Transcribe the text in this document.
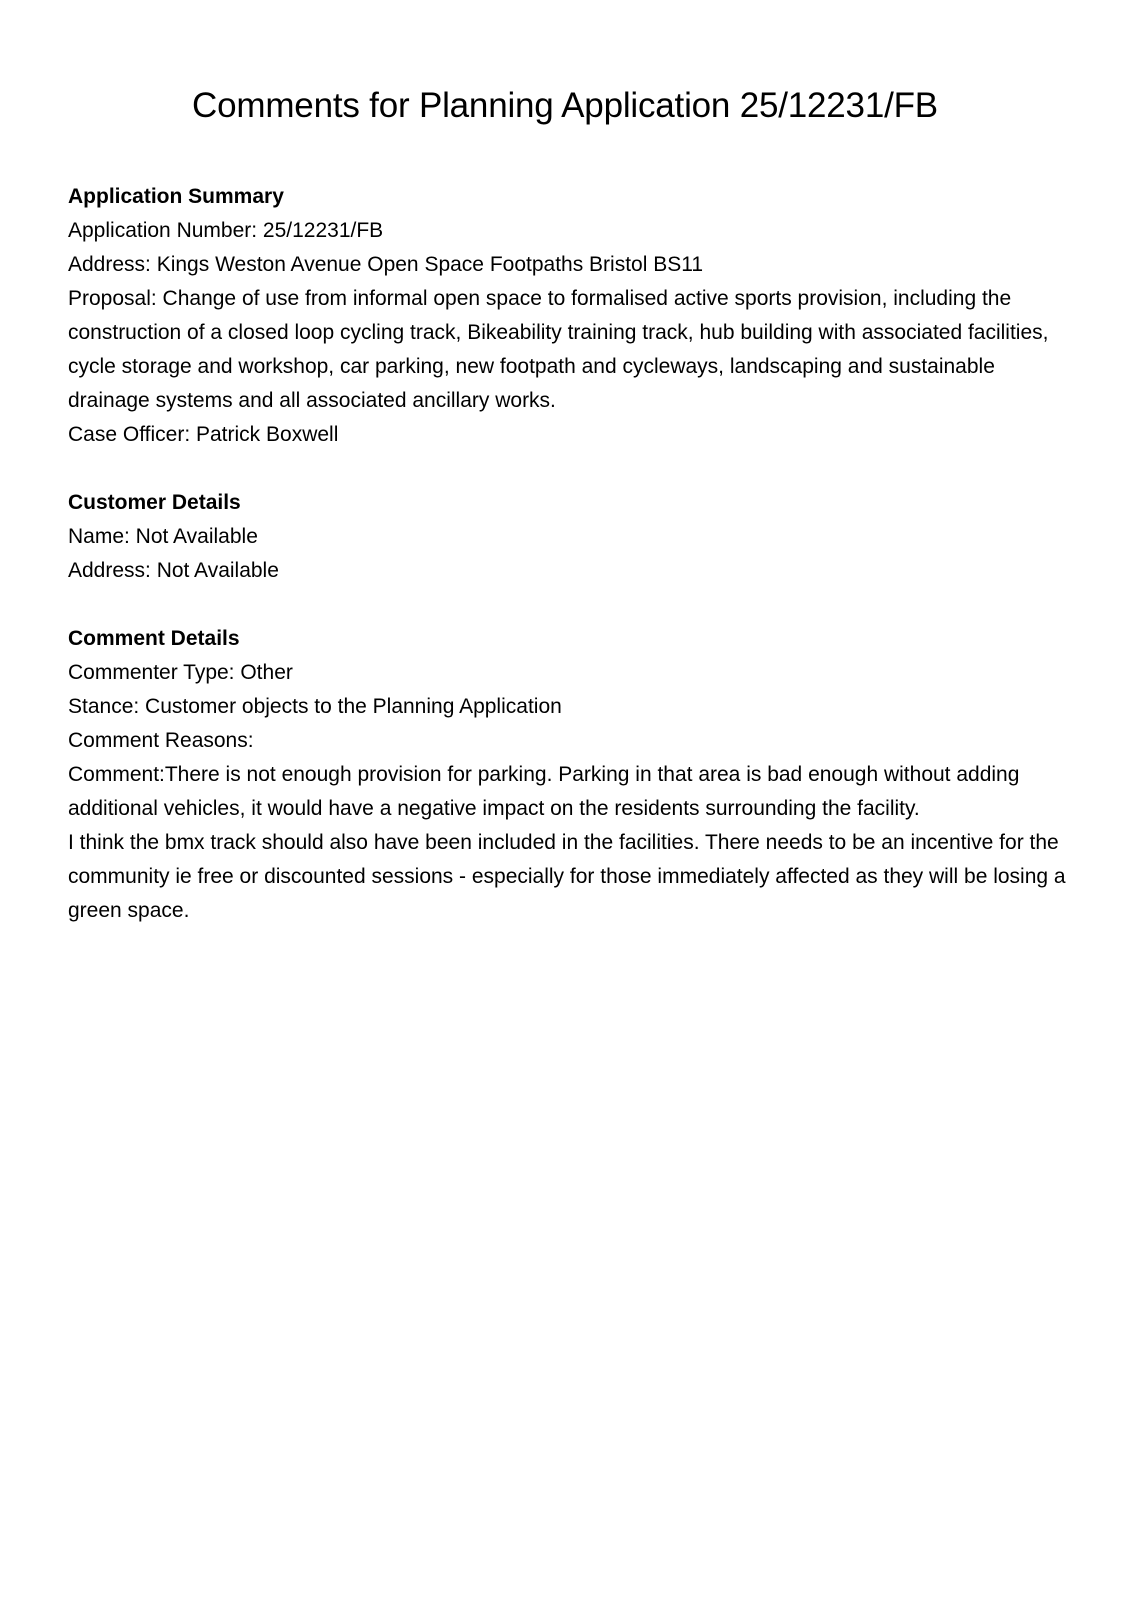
Comments for Planning Application 25/12231/FB

Application Summary

Application Number: 25/12231/FB

Address: Kings Weston Avenue Open Space Footpaths Bristol BS11

Proposal: Change of use from informal open space to formalised active sports provision, including the construction of a closed loop cycling track, Bikeability training track, hub building with associated facilities, cycle storage and workshop, car parking, new footpath and cycleways, landscaping and sustainable drainage systems and all associated ancillary works.

Case Officer: Patrick Boxwell

Customer Details

Name: Not Available

Address: Not Available

Comment Details

Commenter Type: Other

Stance: Customer objects to the Planning Application

Comment Reasons:

Comment:There is not enough provision for parking. Parking in that area is bad enough without adding additional vehicles, it would have a negative impact on the residents surrounding the facility.

I think the bmx track should also have been included in the facilities. There needs to be an incentive for the community ie free or discounted sessions - especially for those immediately affected as they will be losing a green space.
